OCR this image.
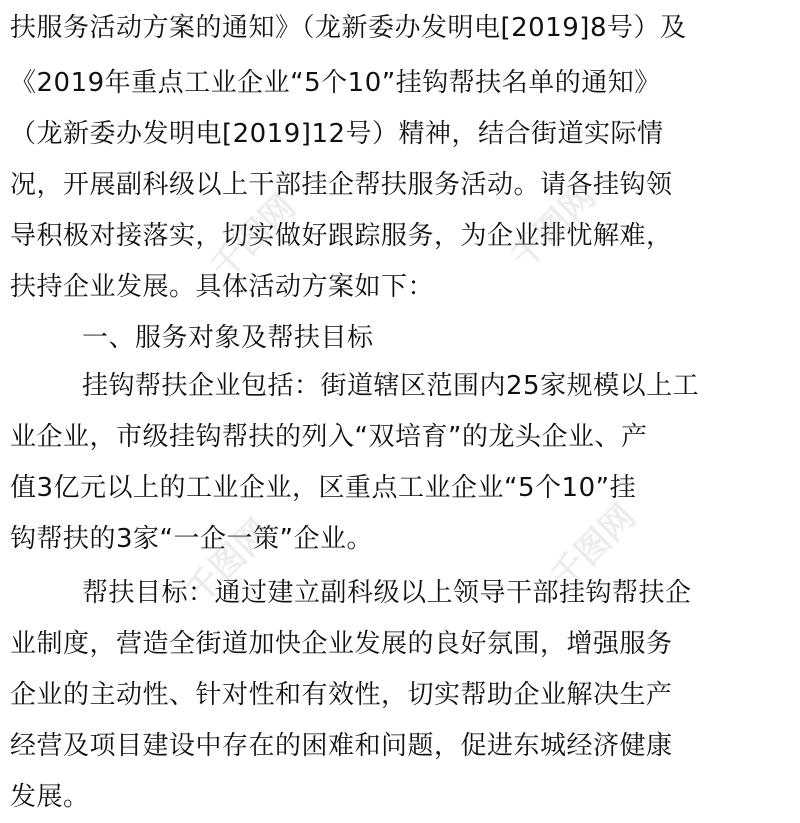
扶服务活动方案的通知》（龙新委办发明电[2019]8号）及
《2019年重点工业企业“5个10”挂钩帮扶名单的通知》
（龙新委办发明电[2019]12号）精神，结合街道实际情
况，开展副科级以上干部挂企帮扶服务活动。请各挂钩领
导积极对接落实，切实做好跟踪服务，为企业排忧解难，
扶持企业发展。具体活动方案如下：
一、服务对象及帮扶目标
挂钩帮扶企业包括：街道辖区范围内25家规模以上工
业企业，市级挂钩帮扶的列入“双培育”的龙头企业、产
值3亿元以上的工业企业，区重点工业企业“5个10”挂
钩帮扶的3家“一企一策”企业。
帮扶目标：通过建立副科级以上领导干部挂钩帮扶企
业制度，营造全街道加快企业发展的良好氛围，增强服务
企业的主动性、针对性和有效性，切实帮助企业解决生产
经营及项目建设中存在的困难和问题，促进东城经济健康
发展。
千图网	千图网
千图网	千图网
